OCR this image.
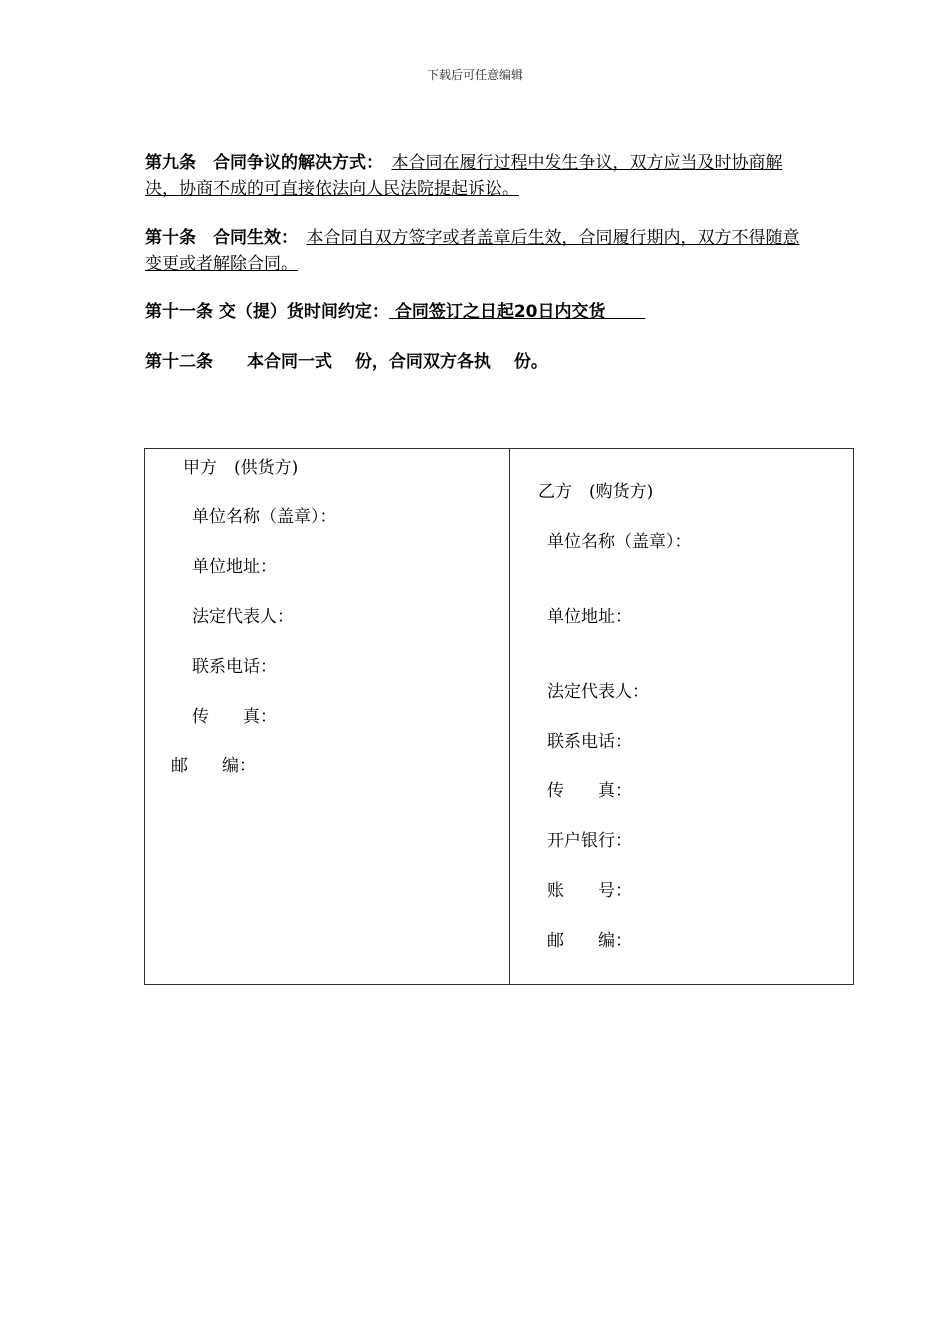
下载后可任意编辑
第九条　合同争议的解决方式：　 本合同在履行过程中发生争议，双方应当及时协商解决，协商不成的可直接依法向人民法院提起诉讼。
第十条　合同生效：　 本合同自双方签字或者盖章后生效，合同履行期内，双方不得随意变更或者解除合同。
第十一条 交（提）货时间约定： 合同签订之日起20日内交货　　
第十二条　　本合同一式　 份，合同双方各执　 份。
甲方　(供货方)
单位名称（盖章）：
单位地址：
法定代表人：
联系电话：
传　　真：
邮　　编：
乙方　(购货方)
单位名称（盖章）：
单位地址：
法定代表人：
联系电话：
传　　真：
开户银行：
账　　号：
邮　　编：
